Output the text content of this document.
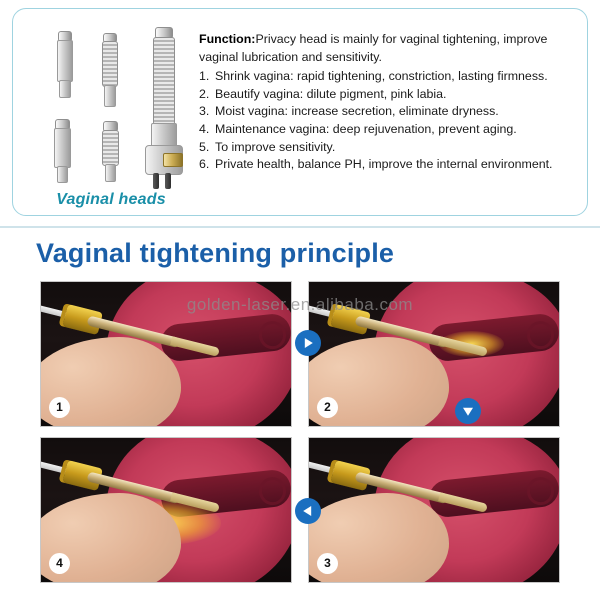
Vaginal heads

Function:Privacy head is mainly for vaginal tightening, improve vaginal lubrication and sensitivity.

1. Shrink vagina: rapid tightening, constriction, lasting firmness.
2. Beautify vagina: dilute pigment, pink labia.
3. Moist vagina: increase secretion, eliminate dryness.
4. Maintenance vagina: deep rejuvenation, prevent aging.
5. To improve sensitivity.
6. Private health, balance PH, improve the internal environment.
Vaginal tightening principle
1	2
4	3
golden-laser.en.alibaba.com
